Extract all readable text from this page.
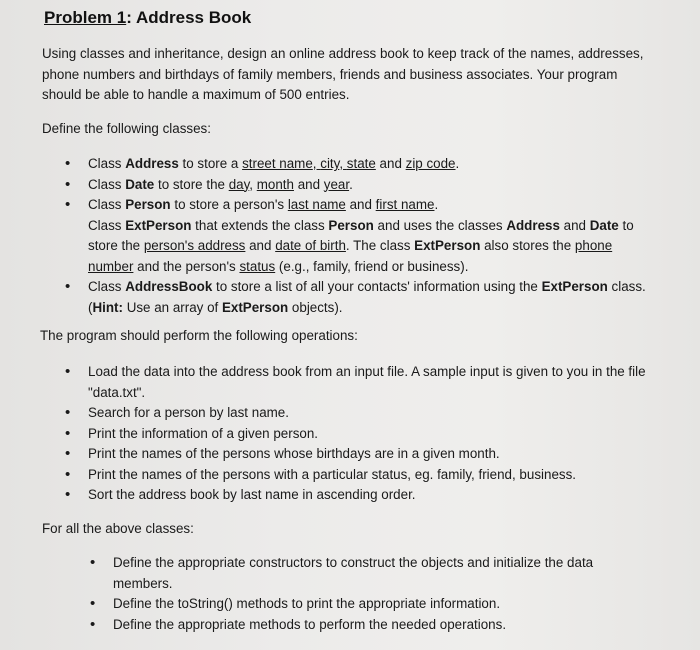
Problem 1: Address Book
Using classes and inheritance, design an online address book to keep track of the names, addresses, phone numbers and birthdays of family members, friends and business associates. Your program should be able to handle a maximum of 500 entries.
Define the following classes:
• Class Address to store a street name, city, state and zip code.
• Class Date to store the day, month and year.
• Class Person to store a person's last name and first name.
Class ExtPerson that extends the class Person and uses the classes Address and Date to store the person's address and date of birth. The class ExtPerson also stores the phone number and the person's status (e.g., family, friend or business).
• Class AddressBook to store a list of all your contacts' information using the ExtPerson class.
(Hint: Use an array of ExtPerson objects).
The program should perform the following operations:
• Load the data into the address book from an input file. A sample input is given to you in the file "data.txt".
• Search for a person by last name.
• Print the information of a given person.
• Print the names of the persons whose birthdays are in a given month.
• Print the names of the persons with a particular status, eg. family, friend, business.
• Sort the address book by last name in ascending order.
For all the above classes:
• Define the appropriate constructors to construct the objects and initialize the data members.
• Define the toString() methods to print the appropriate information.
• Define the appropriate methods to perform the needed operations.
